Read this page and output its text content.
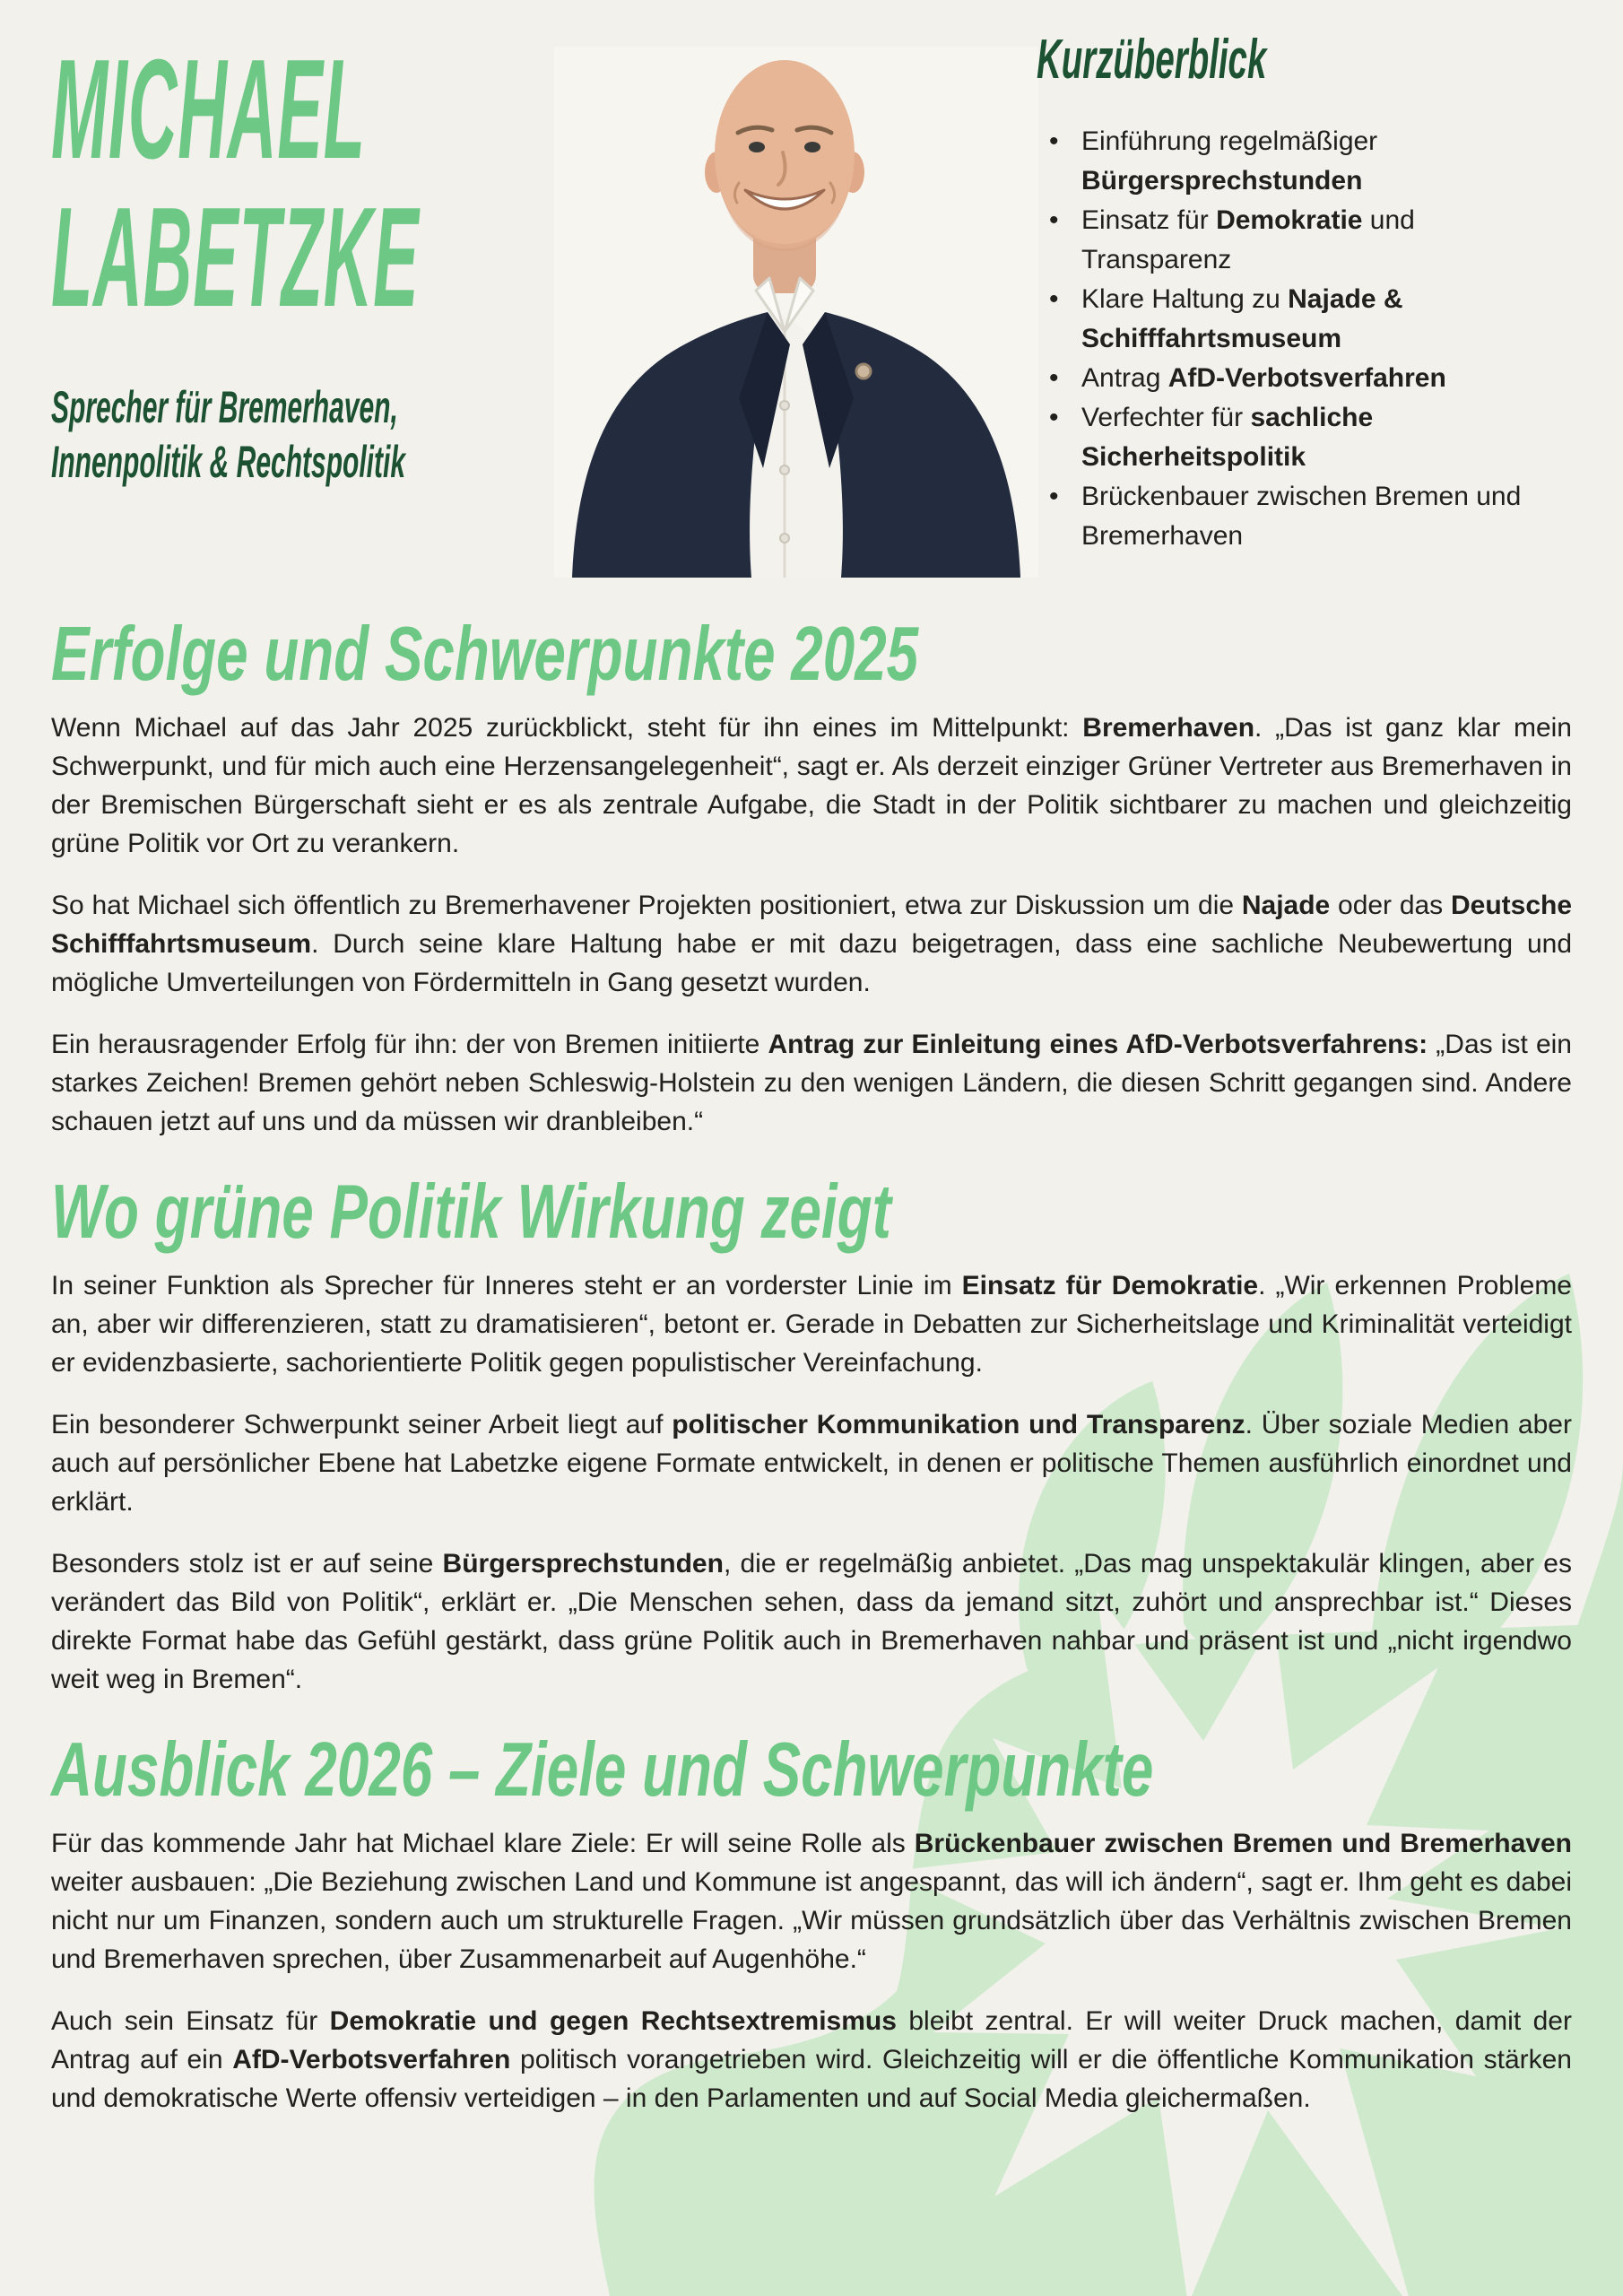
MICHAEL
LABETZKE
Sprecher für Bremerhaven,
Innenpolitik & Rechtspolitik
Kurzüberblick
• Einführung regelmäßiger Bürgersprechstunden
• Einsatz für Demokratie und Transparenz
• Klare Haltung zu Najade & Schifffahrtsmuseum
• Antrag AfD-Verbotsverfahren
• Verfechter für sachliche Sicherheitspolitik
• Brückenbauer zwischen Bremen und Bremerhaven
Erfolge und Schwerpunkte 2025

Wenn Michael auf das Jahr 2025 zurückblickt, steht für ihn eines im Mittelpunkt: Bremerhaven. „Das ist ganz klar mein Schwerpunkt, und für mich auch eine Herzensangelegenheit“, sagt er. Als derzeit einziger Grüner Vertreter aus Bremerhaven in der Bremischen Bürgerschaft sieht er es als zentrale Aufgabe, die Stadt in der Politik sichtbarer zu machen und gleichzeitig grüne Politik vor Ort zu verankern.

So hat Michael sich öffentlich zu Bremerhavener Projekten positioniert, etwa zur Diskussion um die Najade oder das Deutsche Schifffahrtsmuseum. Durch seine klare Haltung habe er mit dazu beigetragen, dass eine sachliche Neubewertung und mögliche Umverteilungen von Fördermitteln in Gang gesetzt wurden.

Ein herausragender Erfolg für ihn: der von Bremen initiierte Antrag zur Einleitung eines AfD-Verbotsverfahrens: „Das ist ein starkes Zeichen! Bremen gehört neben Schleswig-Holstein zu den wenigen Ländern, die diesen Schritt gegangen sind. Andere schauen jetzt auf uns und da müssen wir dranbleiben.“

Wo grüne Politik Wirkung zeigt

In seiner Funktion als Sprecher für Inneres steht er an vorderster Linie im Einsatz für Demokratie. „Wir erkennen Probleme an, aber wir differenzieren, statt zu dramatisieren“, betont er. Gerade in Debatten zur Sicherheitslage und Kriminalität verteidigt er evidenzbasierte, sachorientierte Politik gegen populistischer Vereinfachung.

Ein besonderer Schwerpunkt seiner Arbeit liegt auf politischer Kommunikation und Transparenz. Über soziale Medien aber auch auf persönlicher Ebene hat Labetzke eigene Formate entwickelt, in denen er politische Themen ausführlich einordnet und erklärt.

Besonders stolz ist er auf seine Bürgersprechstunden, die er regelmäßig anbietet. „Das mag unspektakulär klingen, aber es verändert das Bild von Politik“, erklärt er. „Die Menschen sehen, dass da jemand sitzt, zuhört und ansprechbar ist.“ Dieses direkte Format habe das Gefühl gestärkt, dass grüne Politik auch in Bremerhaven nahbar und präsent ist und „nicht irgendwo weit weg in Bremen“.

Ausblick 2026 – Ziele und Schwerpunkte

Für das kommende Jahr hat Michael klare Ziele: Er will seine Rolle als Brückenbauer zwischen Bremen und Bremerhaven weiter ausbauen: „Die Beziehung zwischen Land und Kommune ist angespannt, das will ich ändern“, sagt er. Ihm geht es dabei nicht nur um Finanzen, sondern auch um strukturelle Fragen. „Wir müssen grundsätzlich über das Verhältnis zwischen Bremen und Bremerhaven sprechen, über Zusammenarbeit auf Augenhöhe.“

Auch sein Einsatz für Demokratie und gegen Rechtsextremismus bleibt zentral. Er will weiter Druck machen, damit der Antrag auf ein AfD-Verbotsverfahren politisch vorangetrieben wird. Gleichzeitig will er die öffentliche Kommunikation stärken und demokratische Werte offensiv verteidigen – in den Parlamenten und auf Social Media gleichermaßen.
